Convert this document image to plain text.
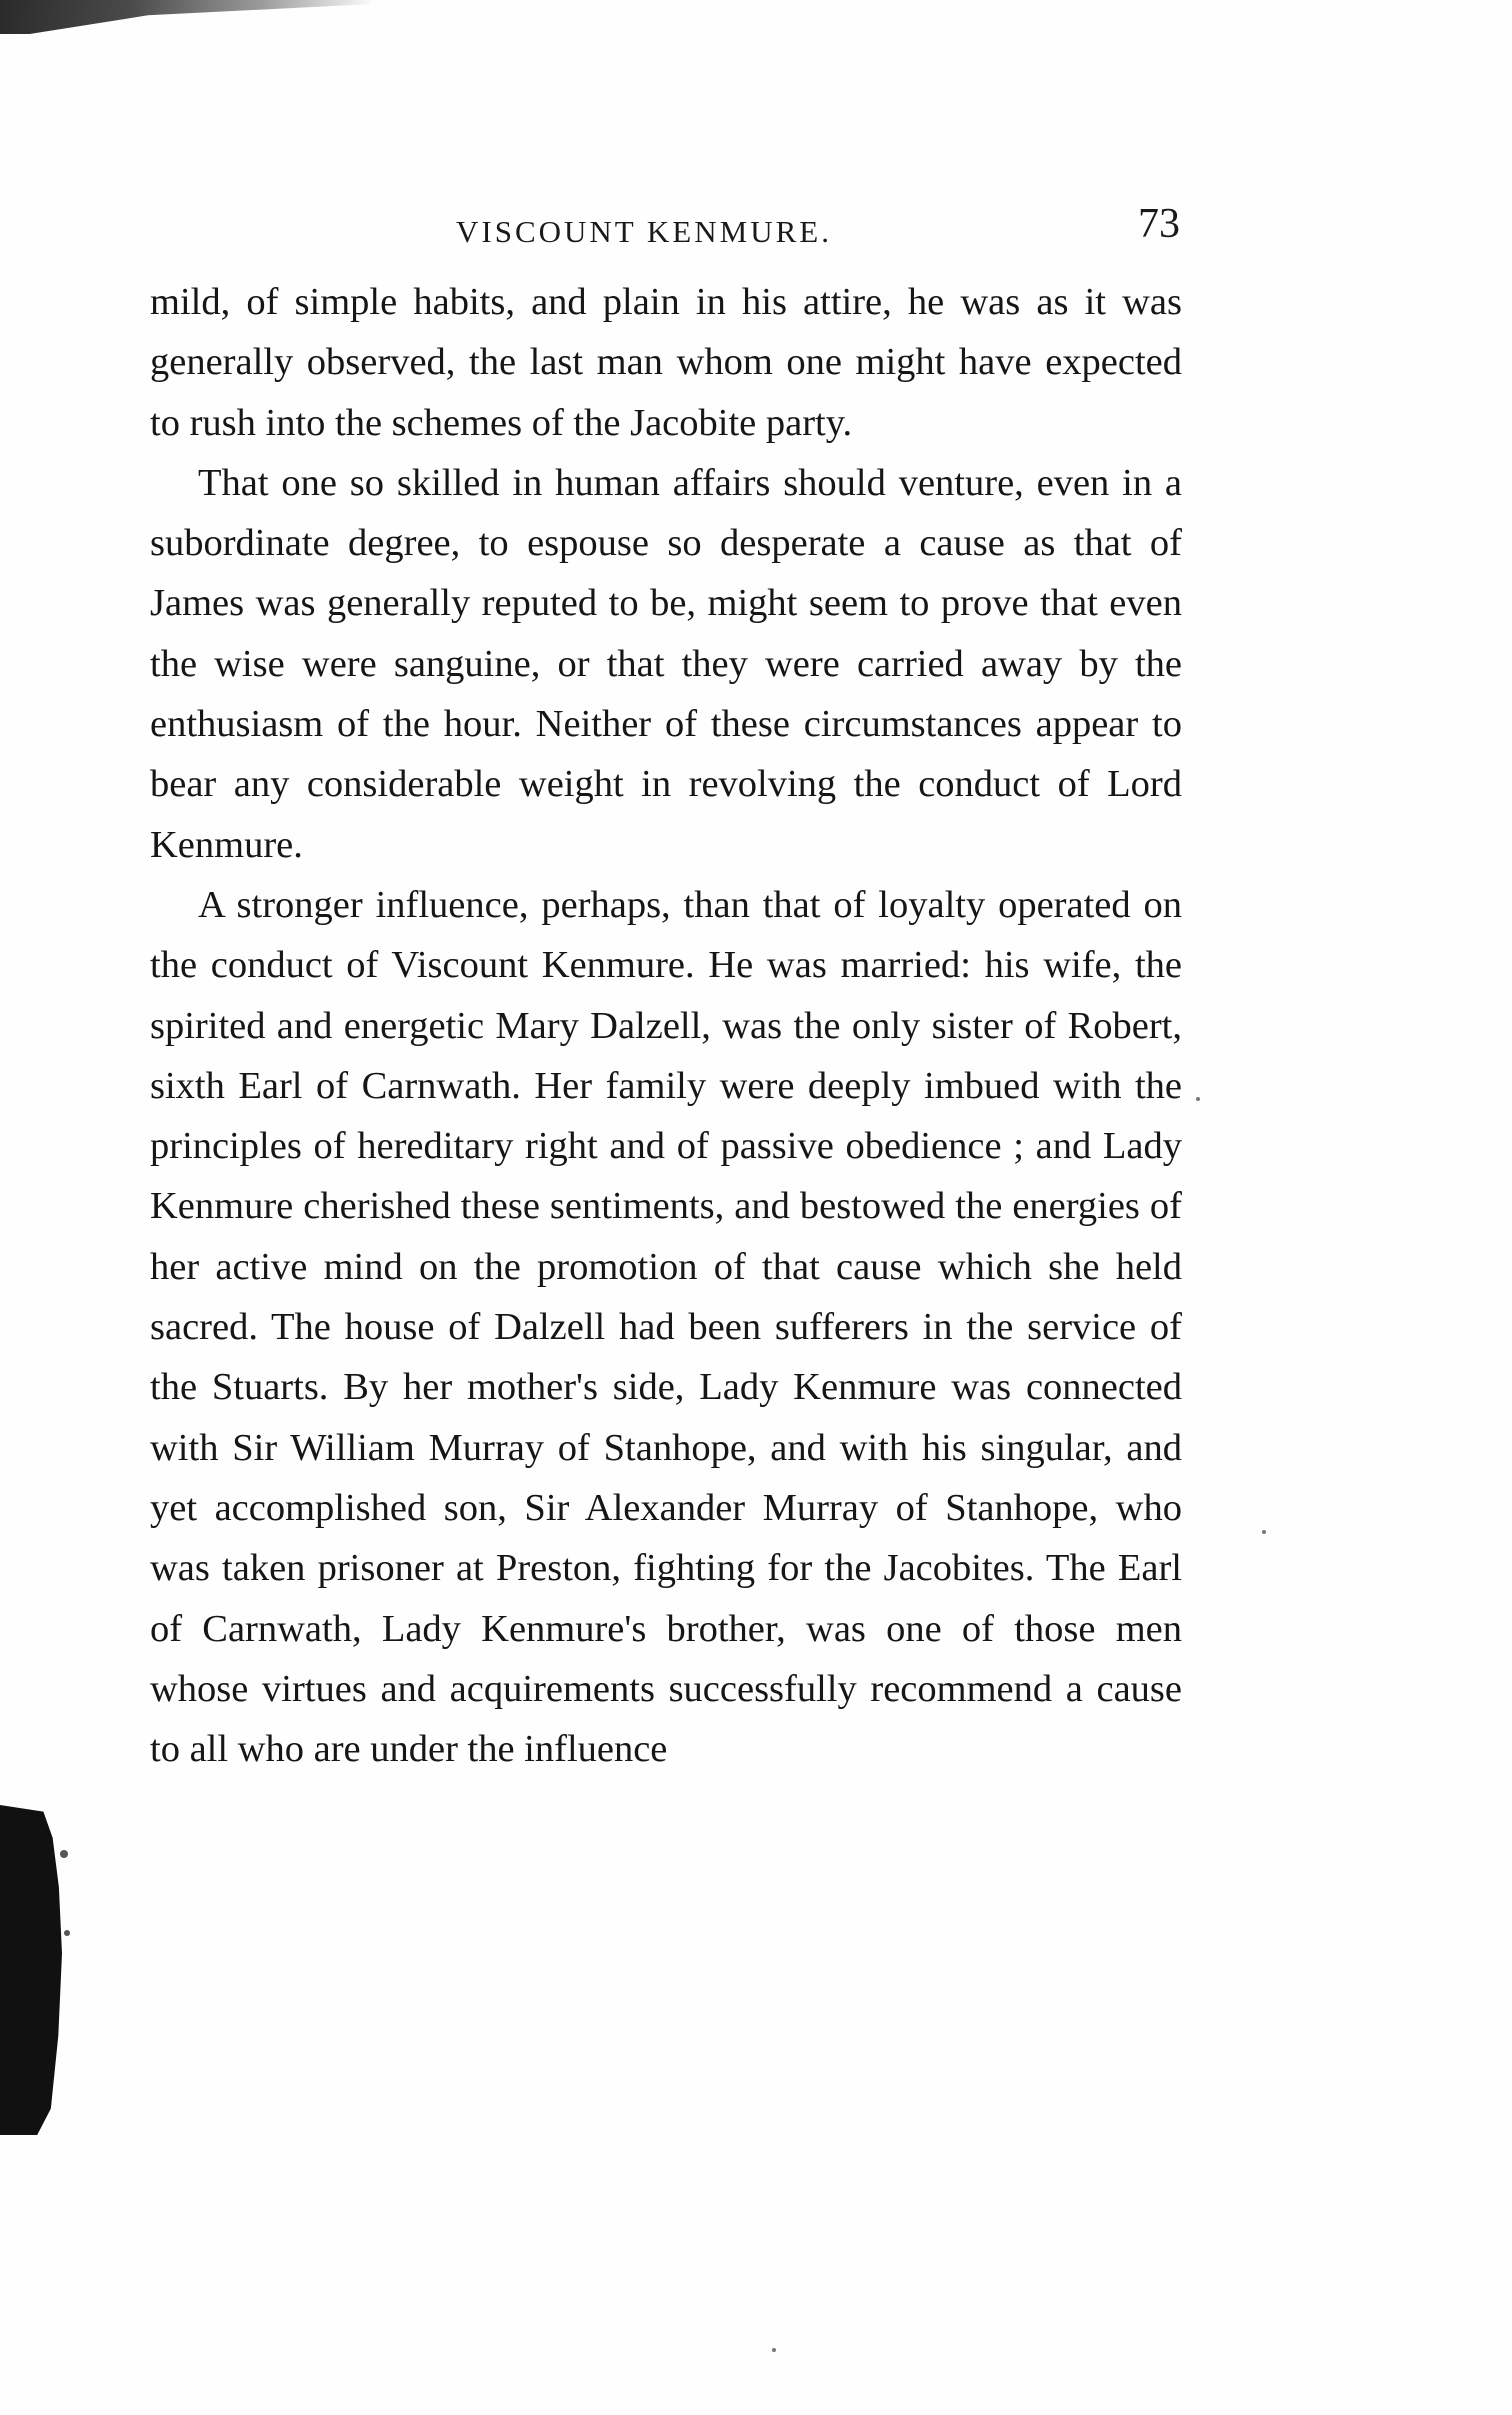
VISCOUNT KENMURE.	73

mild, of simple habits, and plain in his attire, he was as it was generally observed, the last man whom one might have expected to rush into the schemes of the Jacobite party.

That one so skilled in human affairs should venture, even in a subordinate degree, to espouse so desperate a cause as that of James was generally reputed to be, might seem to prove that even the wise were sanguine, or that they were carried away by the enthusiasm of the hour. Neither of these circumstances appear to bear any considerable weight in revolving the conduct of Lord Kenmure.

A stronger influence, perhaps, than that of loyalty operated on the conduct of Viscount Kenmure. He was married: his wife, the spirited and energetic Mary Dalzell, was the only sister of Robert, sixth Earl of Carnwath. Her family were deeply imbued with the principles of hereditary right and of passive obedience ; and Lady Kenmure cherished these sentiments, and bestowed the energies of her active mind on the promotion of that cause which she held sacred. The house of Dalzell had been sufferers in the service of the Stuarts. By her mother's side, Lady Kenmure was connected with Sir William Murray of Stanhope, and with his singular, and yet accomplished son, Sir Alexander Murray of Stanhope, who was taken prisoner at Preston, fighting for the Jacobites. The Earl of Carnwath, Lady Kenmure's brother, was one of those men whose virtues and acquirements successfully recommend a cause to all who are under the influence
